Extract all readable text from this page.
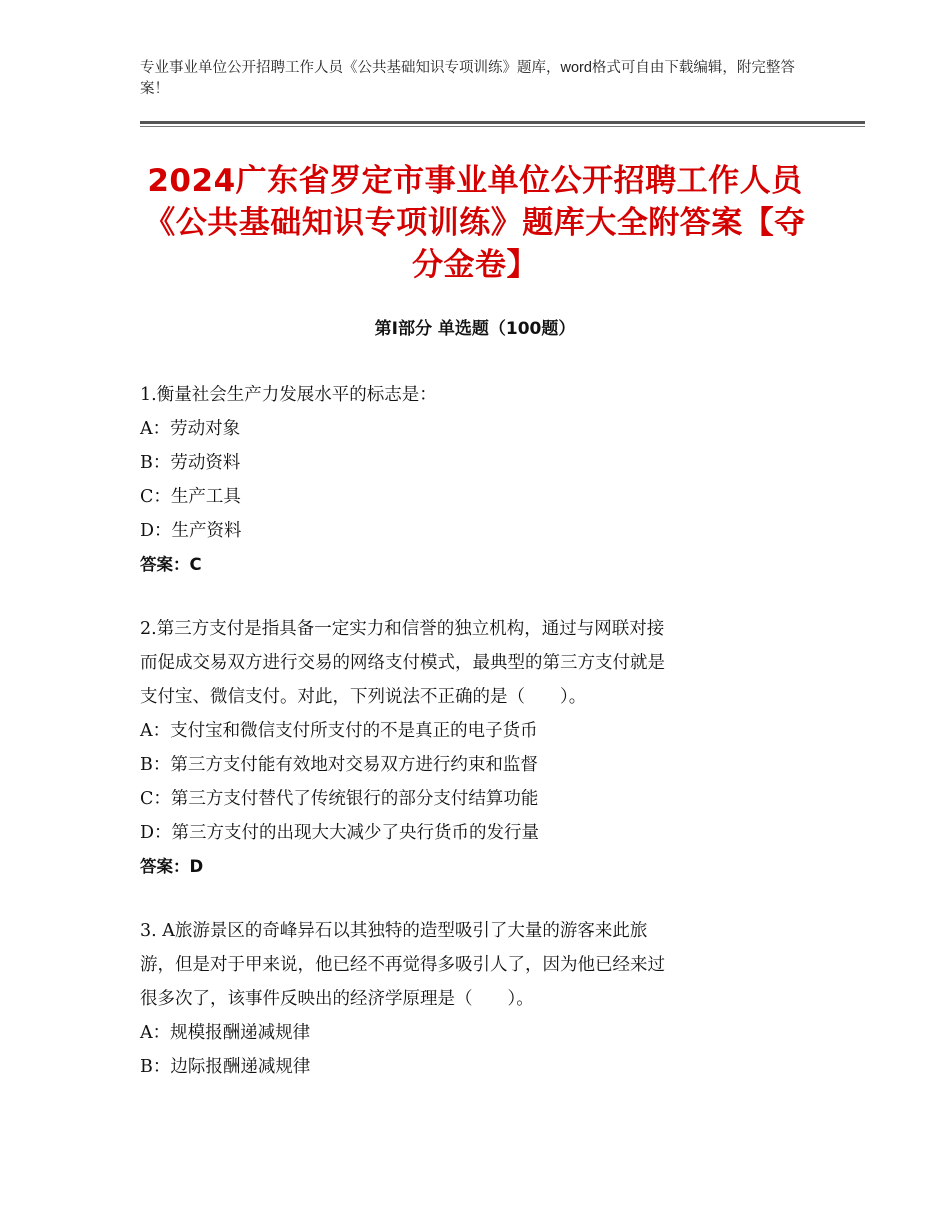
专业事业单位公开招聘工作人员《公共基础知识专项训练》题库，word格式可自由下载编辑，附完整答案！
2024广东省罗定市事业单位公开招聘工作人员《公共基础知识专项训练》题库大全附答案【夺分金卷】
第Ⅰ部分 单选题（100题）

1.衡量社会生产力发展水平的标志是：

A：劳动对象

B：劳动资料

C：生产工具

D：生产资料

答案：C

2.第三方支付是指具备一定实力和信誉的独立机构，通过与网联对接

而促成交易双方进行交易的网络支付模式，最典型的第三方支付就是

支付宝、微信支付。对此，下列说法不正确的是（　　）。

A：支付宝和微信支付所支付的不是真正的电子货币

B：第三方支付能有效地对交易双方进行约束和监督

C：第三方支付替代了传统银行的部分支付结算功能

D：第三方支付的出现大大减少了央行货币的发行量

答案：D

3. A旅游景区的奇峰异石以其独特的造型吸引了大量的游客来此旅

游，但是对于甲来说，他已经不再觉得多吸引人了，因为他已经来过

很多次了，该事件反映出的经济学原理是（　　）。

A：规模报酬递减规律

B：边际报酬递减规律
